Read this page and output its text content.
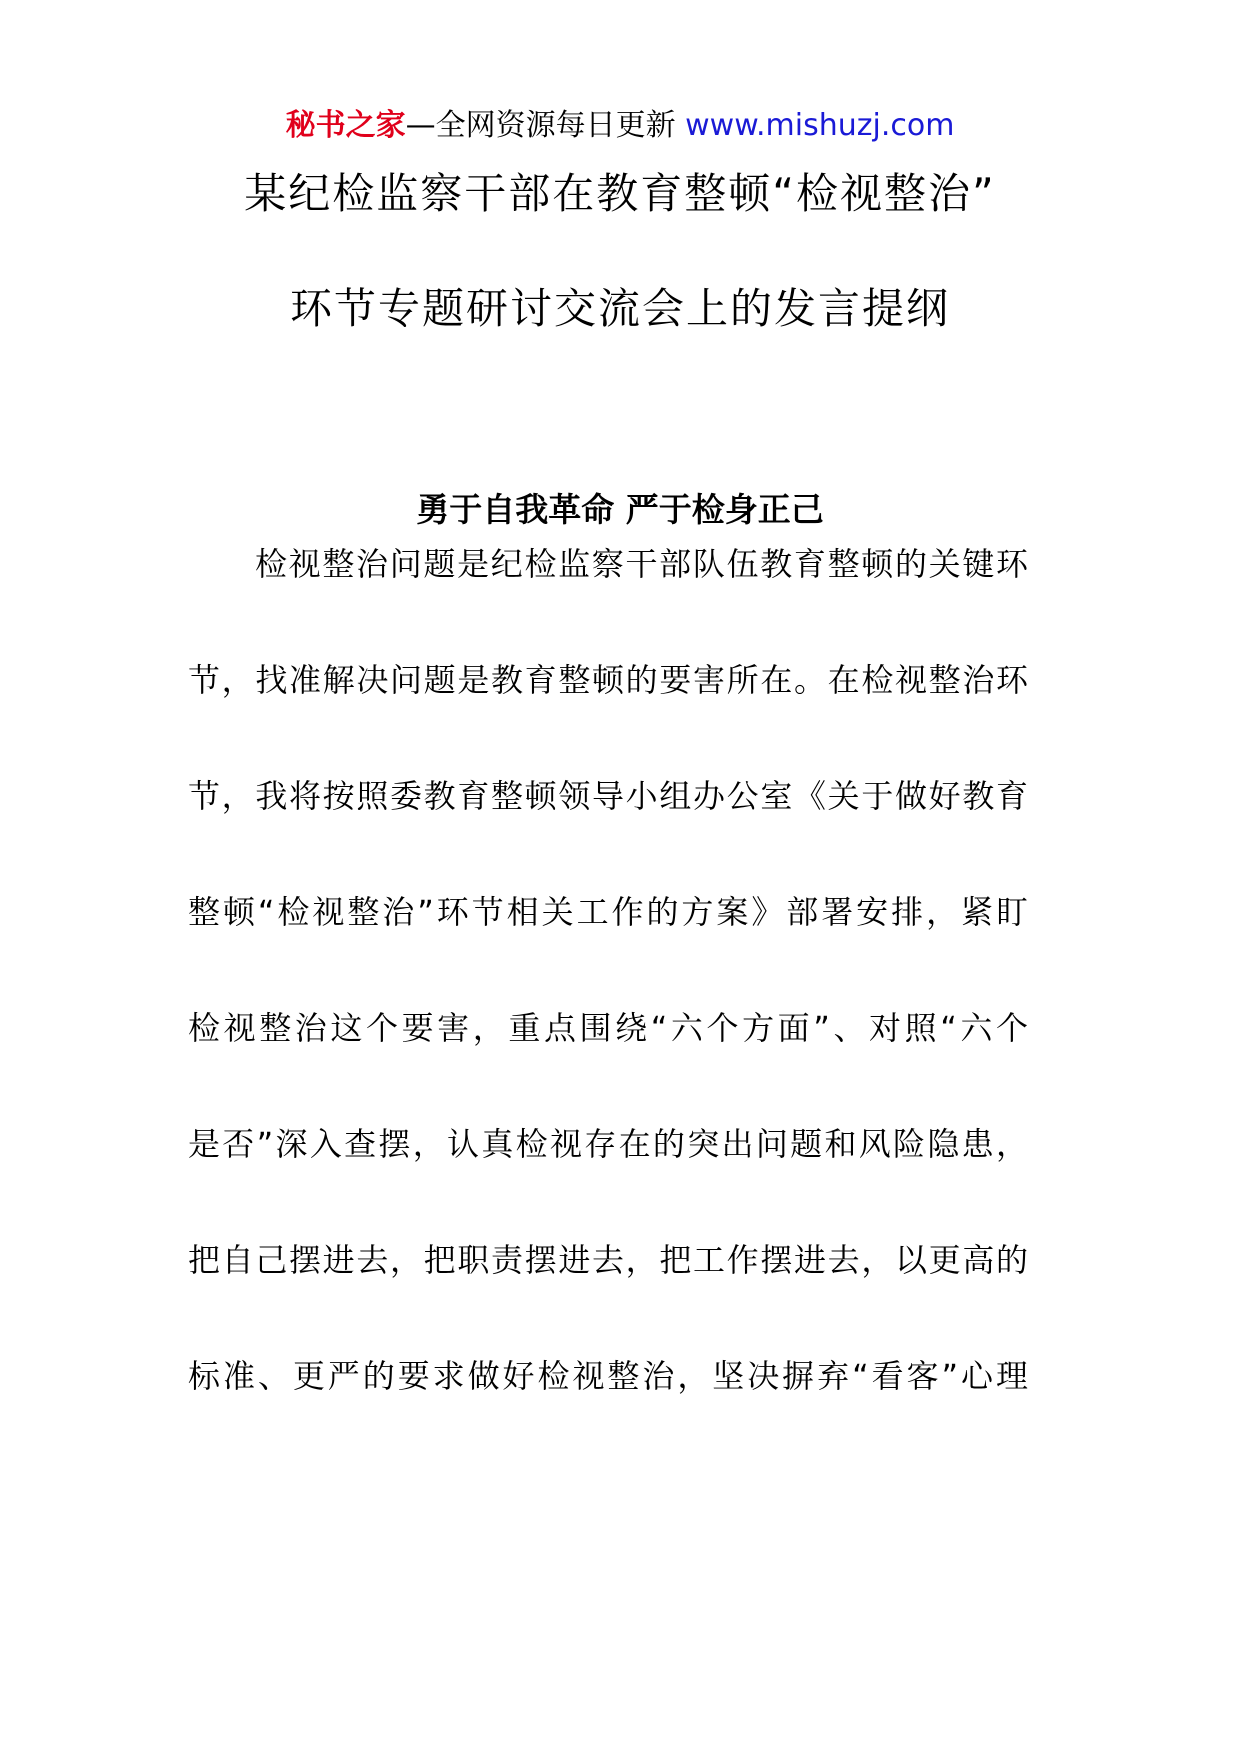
秘书之家—全网资源每日更新 www.mishuzj.com
某纪检监察干部在教育整顿“检视整治”
环节专题研讨交流会上的发言提纲
勇于自我革命 严于检身正己
检视整治问题是纪检监察干部队伍教育整顿的关键环
节，找准解决问题是教育整顿的要害所在。在检视整治环
节，我将按照委教育整顿领导小组办公室《关于做好教育
整顿“检视整治”环节相关工作的方案》部署安排，紧盯
检视整治这个要害，重点围绕“六个方面”、对照“六个
是否”深入查摆，认真检视存在的突出问题和风险隐患，
把自己摆进去，把职责摆进去，把工作摆进去，以更高的
标准、更严的要求做好检视整治，坚决摒弃“看客”心理
